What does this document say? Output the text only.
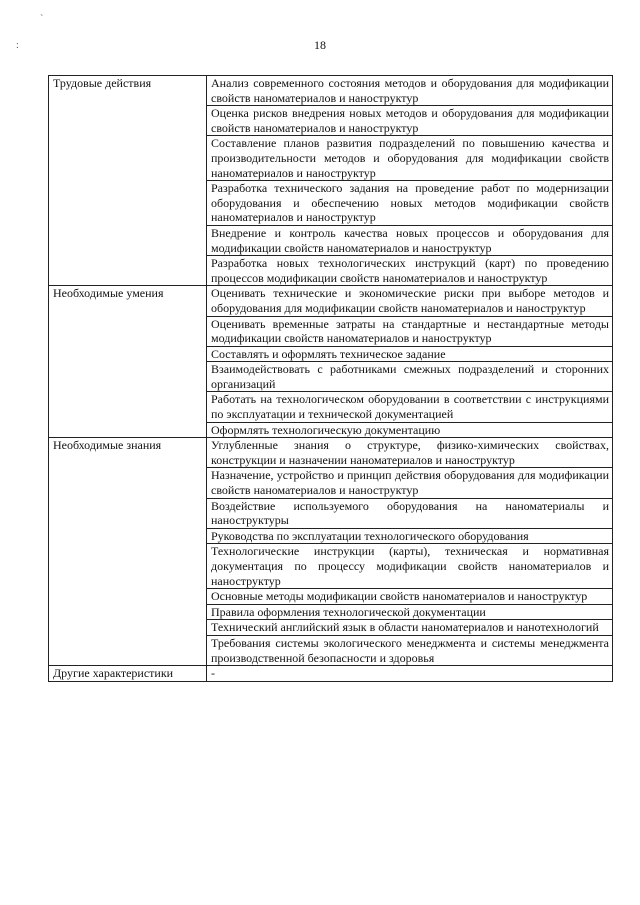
`
:	18
Трудовые действия	Анализ современного состояния методов и оборудования для модификации свойств наноматериалов и наноструктур
	Оценка рисков внедрения новых методов и оборудования для модификации свойств наноматериалов и наноструктур
	Составление планов развития подразделений по повышению качества и производительности методов и оборудования для модификации свойств наноматериалов и наноструктур
	Разработка технического задания на проведение работ по модернизации оборудования и обеспечению новых методов модификации свойств наноматериалов и наноструктур
	Внедрение и контроль качества новых процессов и оборудования для модификации свойств наноматериалов и наноструктур
	Разработка новых технологических инструкций (карт) по проведению процессов модификации свойств наноматериалов и наноструктур
Необходимые умения	Оценивать технические и экономические риски при выборе методов и оборудования для модификации свойств наноматериалов и наноструктур
	Оценивать временные затраты на стандартные и нестандартные методы модификации свойств наноматериалов и наноструктур
	Составлять и оформлять техническое задание
	Взаимодействовать с работниками смежных подразделений и сторонних организаций
	Работать на технологическом оборудовании в соответствии с инструкциями по эксплуатации и технической документацией
	Оформлять технологическую документацию
Необходимые знания	Углубленные знания о структуре, физико-химических свойствах, конструкции и назначении наноматериалов и наноструктур
	Назначение, устройство и принцип действия оборудования для модификации свойств наноматериалов и наноструктур
	Воздействие используемого оборудования на наноматериалы и наноструктуры
	Руководства по эксплуатации технологического оборудования
	Технологические инструкции (карты), техническая и нормативная документация по процессу модификации свойств наноматериалов и наноструктур
	Основные методы модификации свойств наноматериалов и наноструктур
	Правила оформления технологической документации
	Технический английский язык в области наноматериалов и нанотехнологий
	Требования системы экологического менеджмента и системы менеджмента производственной безопасности и здоровья
Другие характеристики	-
